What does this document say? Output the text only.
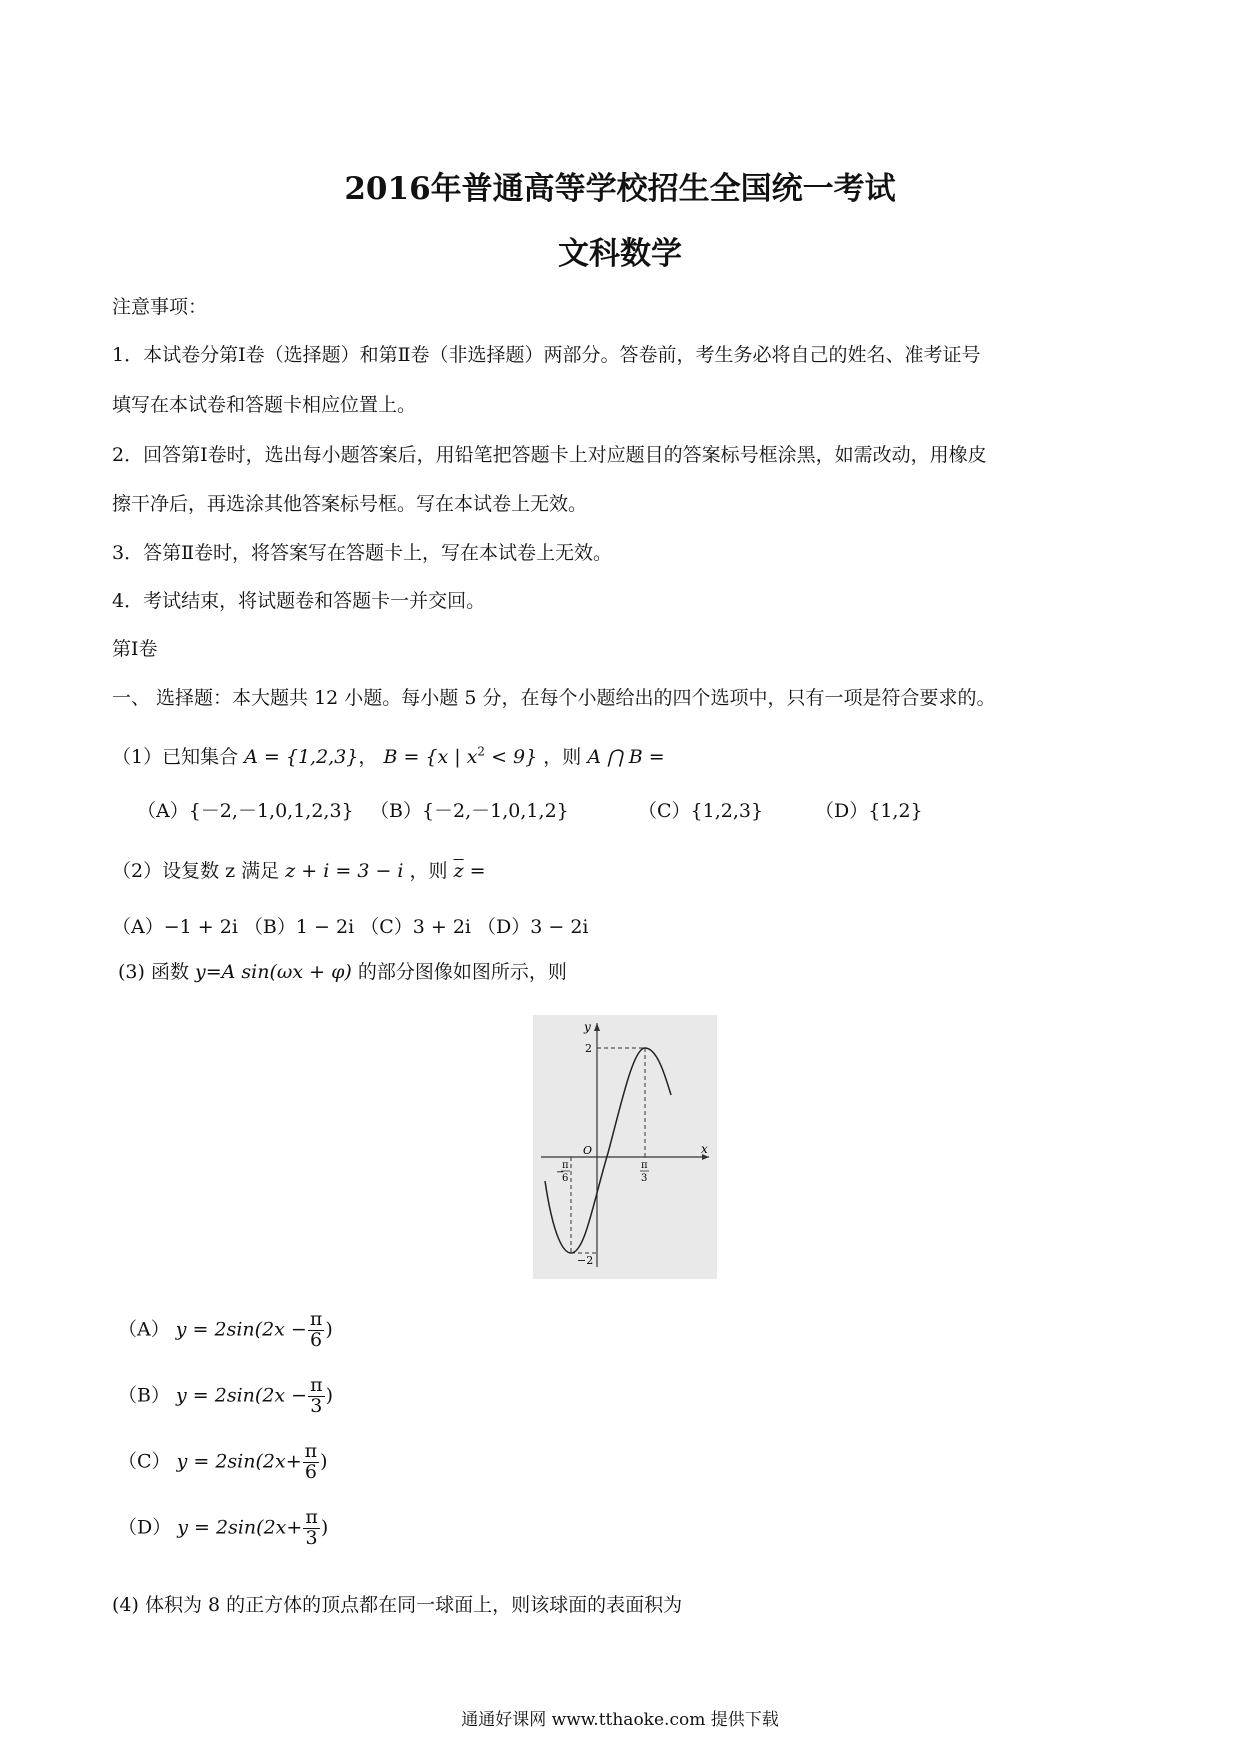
2016年普通高等学校招生全国统一考试
文科数学
注意事项：
1．本试卷分第Ⅰ卷（选择题）和第Ⅱ卷（非选择题）两部分。答卷前，考生务必将自己的姓名、准考证号
填写在本试卷和答题卡相应位置上。
2．回答第Ⅰ卷时，选出每小题答案后，用铅笔把答题卡上对应题目的答案标号框涂黑，如需改动，用橡皮
擦干净后，再选涂其他答案标号框。写在本试卷上无效。
3．答第Ⅱ卷时，将答案写在答题卡上，写在本试卷上无效。
4．考试结束，将试题卷和答题卡一并交回。
第Ⅰ卷
一、 选择题：本大题共 12 小题。每小题 5 分，在每个小题给出的四个选项中，只有一项是符合要求的。
（1）已知集合 A = {1,2,3}， B = {x | $x^2 < 9$} ，则 A ⋂ B =
（A）{－2,－1,0,1,2,3} （B）{－2,－1,0,1,2}	（C）{1,2,3}	（D）{1,2}
（2）设复数 z 满足 z + i = 3 − i ，则 $\overline{z}$ =
（A）−1 + 2i （B）1 − 2i （C）3 + 2i （D）3 − 2i
(3) 函数 y=A sin(ωx + φ) 的部分图像如图所示，则
y
x
O
2
−2
−
π
6
π
3
（A） $y = 2\sin(2x - \frac{\pi}{6}$ )
（B） $y = 2\sin(2x - \frac{\pi}{3}$ )
（C） $y = 2\sin(2x+ \frac{\pi}{6}$ )
（D） $y = 2\sin(2x+ \frac{\pi}{3}$ )
(4) 体积为 8 的正方体的顶点都在同一球面上，则该球面的表面积为
通通好课网 www.tthaoke.com 提供下载
